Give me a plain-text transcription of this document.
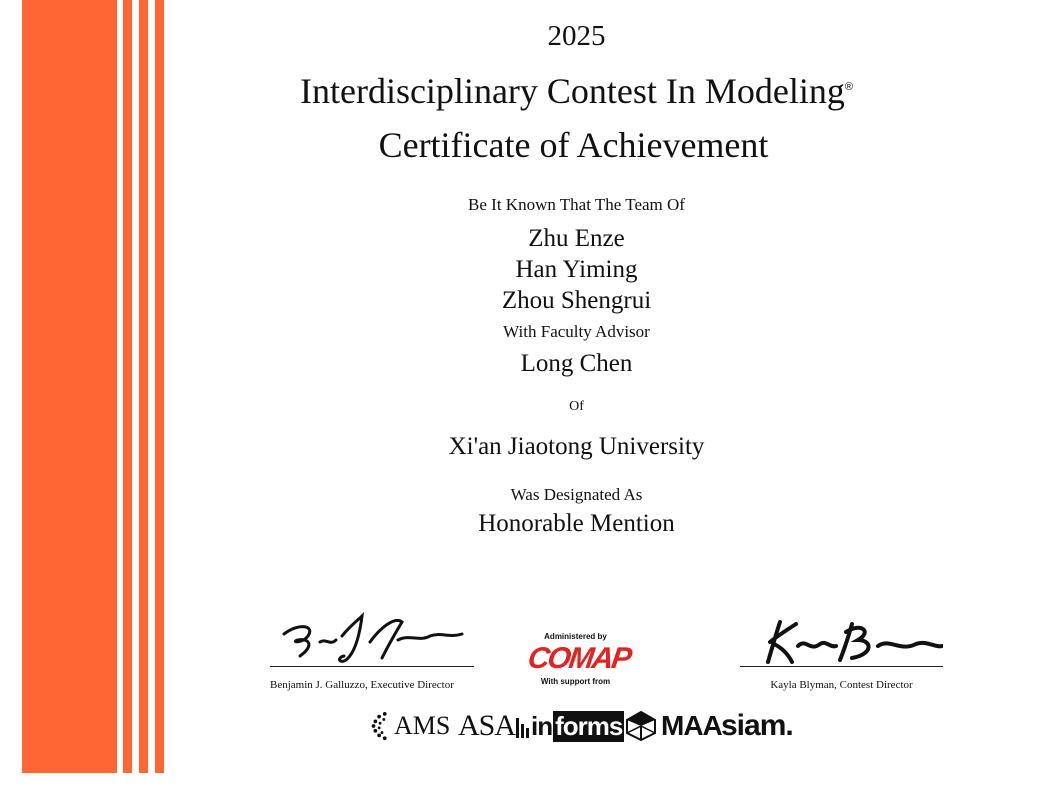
2025
Interdisciplinary Contest In Modeling®
Certificate of Achievement
Be It Known That The Team Of
Zhu Enze
Han Yiming
Zhou Shengrui
With Faculty Advisor
Long Chen
Of
Xi'an Jiaotong University
Was Designated As
Honorable Mention
Benjamin J. Galluzzo, Executive Director	Kayla Blyman, Contest Director
Administered by
COMAP
With support from
AMS ASA in forms MAA siam.
